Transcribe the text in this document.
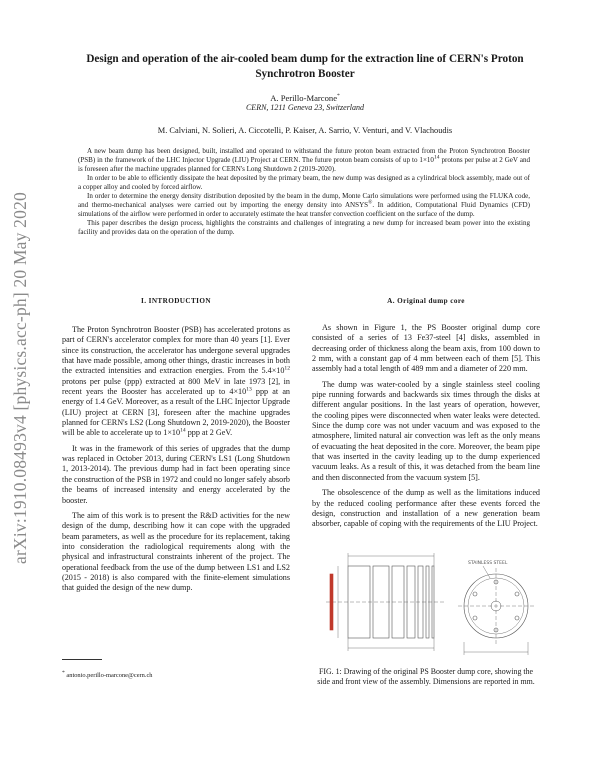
arXiv:1910.08493v4 [physics.acc-ph] 20 May 2020
Design and operation of the air-cooled beam dump for the extraction line of CERN's Proton Synchrotron Booster
A. Perillo-Marcone*
CERN, 1211 Geneva 23, Switzerland
M. Calviani, N. Solieri, A. Ciccotelli, P. Kaiser, A. Sarrio, V. Venturi, and V. Vlachoudis

A new beam dump has been designed, built, installed and operated to withstand the future proton beam extracted from the Proton Synchrotron Booster (PSB) in the framework of the LHC Injector Upgrade (LIU) Project at CERN. The future proton beam consists of up to $1\times 10^{14}$ protons per pulse at 2 GeV and is foreseen after the machine upgrades planned for CERN's Long Shutdown 2 (2019-2020).

In order to be able to efficiently dissipate the heat deposited by the primary beam, the new dump was designed as a cylindrical block assembly, made out of a copper alloy and cooled by forced airflow.

In order to determine the energy density distribution deposited by the beam in the dump, Monte Carlo simulations were performed using the FLUKA code, and thermo-mechanical analyses were carried out by importing the energy density into ANSYS®. In addition, Computational Fluid Dynamics (CFD) simulations of the airflow were performed in order to accurately estimate the heat transfer convection coefficient on the surface of the dump.

This paper describes the design process, highlights the constraints and challenges of integrating a new dump for increased beam power into the existing facility and provides data on the operation of the dump.

I. INTRODUCTION	A. Original dump core

The Proton Synchrotron Booster (PSB) has accelerated protons as part of CERN's accelerator complex for more than 40 years [1]. Ever since its construction, the accelerator has undergone several upgrades that have made possible, among other things, drastic increases in both the extracted intensities and extraction energies. From the $5.4\times 10^{12}$ protons per pulse (ppp) extracted at 800 MeV in late 1973 [2], in recent years the Booster has accelerated up to $4\times 10^{13}$ ppp at an energy of 1.4 GeV. Moreover, as a result of the LHC Injector Upgrade (LIU) project at CERN [3], foreseen after the machine upgrades planned for CERN's LS2 (Long Shutdown 2, 2019-2020), the Booster will be able to accelerate up to $1\times 10^{14}$ ppp at 2 GeV.

It was in the framework of this series of upgrades that the dump was replaced in October 2013, during CERN's LS1 (Long Shutdown 1, 2013-2014). The previous dump had in fact been operating since the construction of the PSB in 1972 and could no longer safely absorb the beams of increased intensity and energy accelerated by the booster.

The aim of this work is to present the R&D activities for the new design of the dump, describing how it can cope with the upgraded beam parameters, as well as the procedure for its replacement, taking into consideration the radiological requirements along with the physical and infrastructural constraints inherent of the project. The operational feedback from the use of the dump between LS1 and LS2 (2015 - 2018) is also compared with the finite-element simulations that guided the design of the new dump.

* antonio.perillo-marcone@cern.ch

As shown in Figure 1, the PS Booster original dump core consisted of a series of 13 Fe37-steel [4] disks, assembled in decreasing order of thickness along the beam axis, from 100 down to 2 mm, with a constant gap of 4 mm between each of them [5]. This assembly had a total length of 489 mm and a diameter of 220 mm.

The dump was water-cooled by a single stainless steel cooling pipe running forwards and backwards six times through the disks at different angular positions. In the last years of operation, however, the cooling pipes were disconnected when water leaks were detected. Since the dump core was not under vacuum and was exposed to the atmosphere, limited natural air convection was left as the only means of evacuating the heat deposited in the core. Moreover, the beam pipe that was inserted in the cavity leading up to the dump experienced vacuum leaks. As a result of this, it was detached from the beam line and then disconnected from the vacuum system [5].

The obsolescence of the dump as well as the limitations induced by the reduced cooling performance after these events forced the design, construction and installation of a new generation beam absorber, capable of coping with the requirements of the LIU Project.

STAINLESS STEEL
FIG. 1: Drawing of the original PS Booster dump core, showing the side and front view of the assembly. Dimensions are reported in mm.
